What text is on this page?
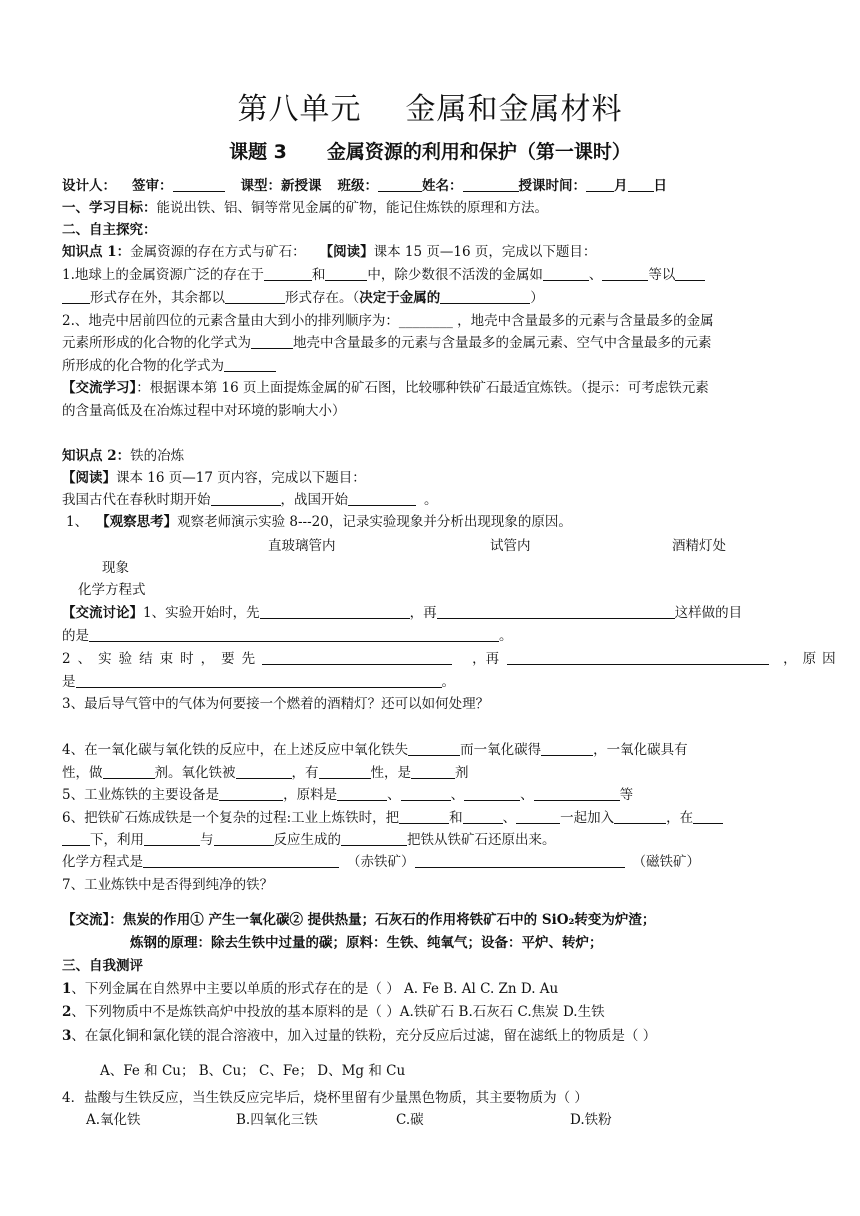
第八单元 金属和金属材料
课题 3 金属资源的利用和保护（第一课时）
设计人： 签审：	课型：新授课 班级：	姓名：	授课时间： 月 日
一、学习目标：能说出铁、铝、铜等常见金属的矿物，能记住炼铁的原理和方法。
二、自主探究：
知识点 1：金属资源的存在方式与矿石： 【阅读】课本 15 页—16 页，完成以下题目：
1.地球上的金属资源广泛的存在于	和	中，除少数很不活泼的金属如	、	等以
形式存在外，其余都以	形式存在。（决定于金属的	）
2.、地壳中居前四位的元素含量由大到小的排列顺序为：________ ，地壳中含量最多的元素与含量最多的金属
元素所形成的化合物的化学式为	地壳中含量最多的元素与含量最多的金属元素、空气中含量最多的元素
所形成的化合物的化学式为
【交流学习】：根据课本第 16 页上面提炼金属的矿石图，比较哪种铁矿石最适宜炼铁。（提示：可考虑铁元素
的含量高低及在冶炼过程中对环境的影响大小）
知识点 2：铁的冶炼
【阅读】课本 16 页—17 页内容，完成以下题目：
我国古代在春秋时期开始	，战国开始	。
1、 【观察思考】观察老师演示实验 8---20，记录实验现象并分析出现现象的原因。
直玻璃管内	试管内	酒精灯处
现象
化学方程式
【交流讨论】1、实验开始时，先	，再	这样做的目
的是	。
2、实验结束时，要先	，再	，原因
是	。
3、最后导气管中的气体为何要接一个燃着的酒精灯？还可以如何处理？
4、在一氧化碳与氧化铁的反应中，在上述反应中氧化铁失	而一氧化碳得	，一氧化碳具有
性，做	剂。氧化铁被	，有	性，是	剂
5、工业炼铁的主要设备是	，原料是	、	、	、	等
6、把铁矿石炼成铁是一个复杂的过程:工业上炼铁时，把	和	、	一起加入	，在
下，利用	与	反应生成的	把铁从铁矿石还原出来。
化学方程式是	（赤铁矿）	（磁铁矿）
7、工业炼铁中是否得到纯净的铁？
【交流】：焦炭的作用① 产生一氧化碳② 提供热量；石灰石的作用将铁矿石中的 SiO₂转变为炉渣；
炼钢的原理：除去生铁中过量的碳；原料：生铁、纯氧气；设备：平炉、转炉；
三、自我测评
1、下列金属在自然界中主要以单质的形式存在的是（ ） A. Fe B. Al C. Zn D. Au
2、下列物质中不是炼铁高炉中投放的基本原料的是（ ）A.铁矿石 B.石灰石 C.焦炭 D.生铁
3、在氯化铜和氯化镁的混合溶液中，加入过量的铁粉，充分反应后过滤，留在滤纸上的物质是（ ）
A、Fe 和 Cu； B、Cu； C、Fe； D、Mg 和 Cu
4．盐酸与生铁反应，当生铁反应完毕后，烧杯里留有少量黑色物质，其主要物质为（ ）
A.氧化铁	B.四氧化三铁	C.碳	D.铁粉
